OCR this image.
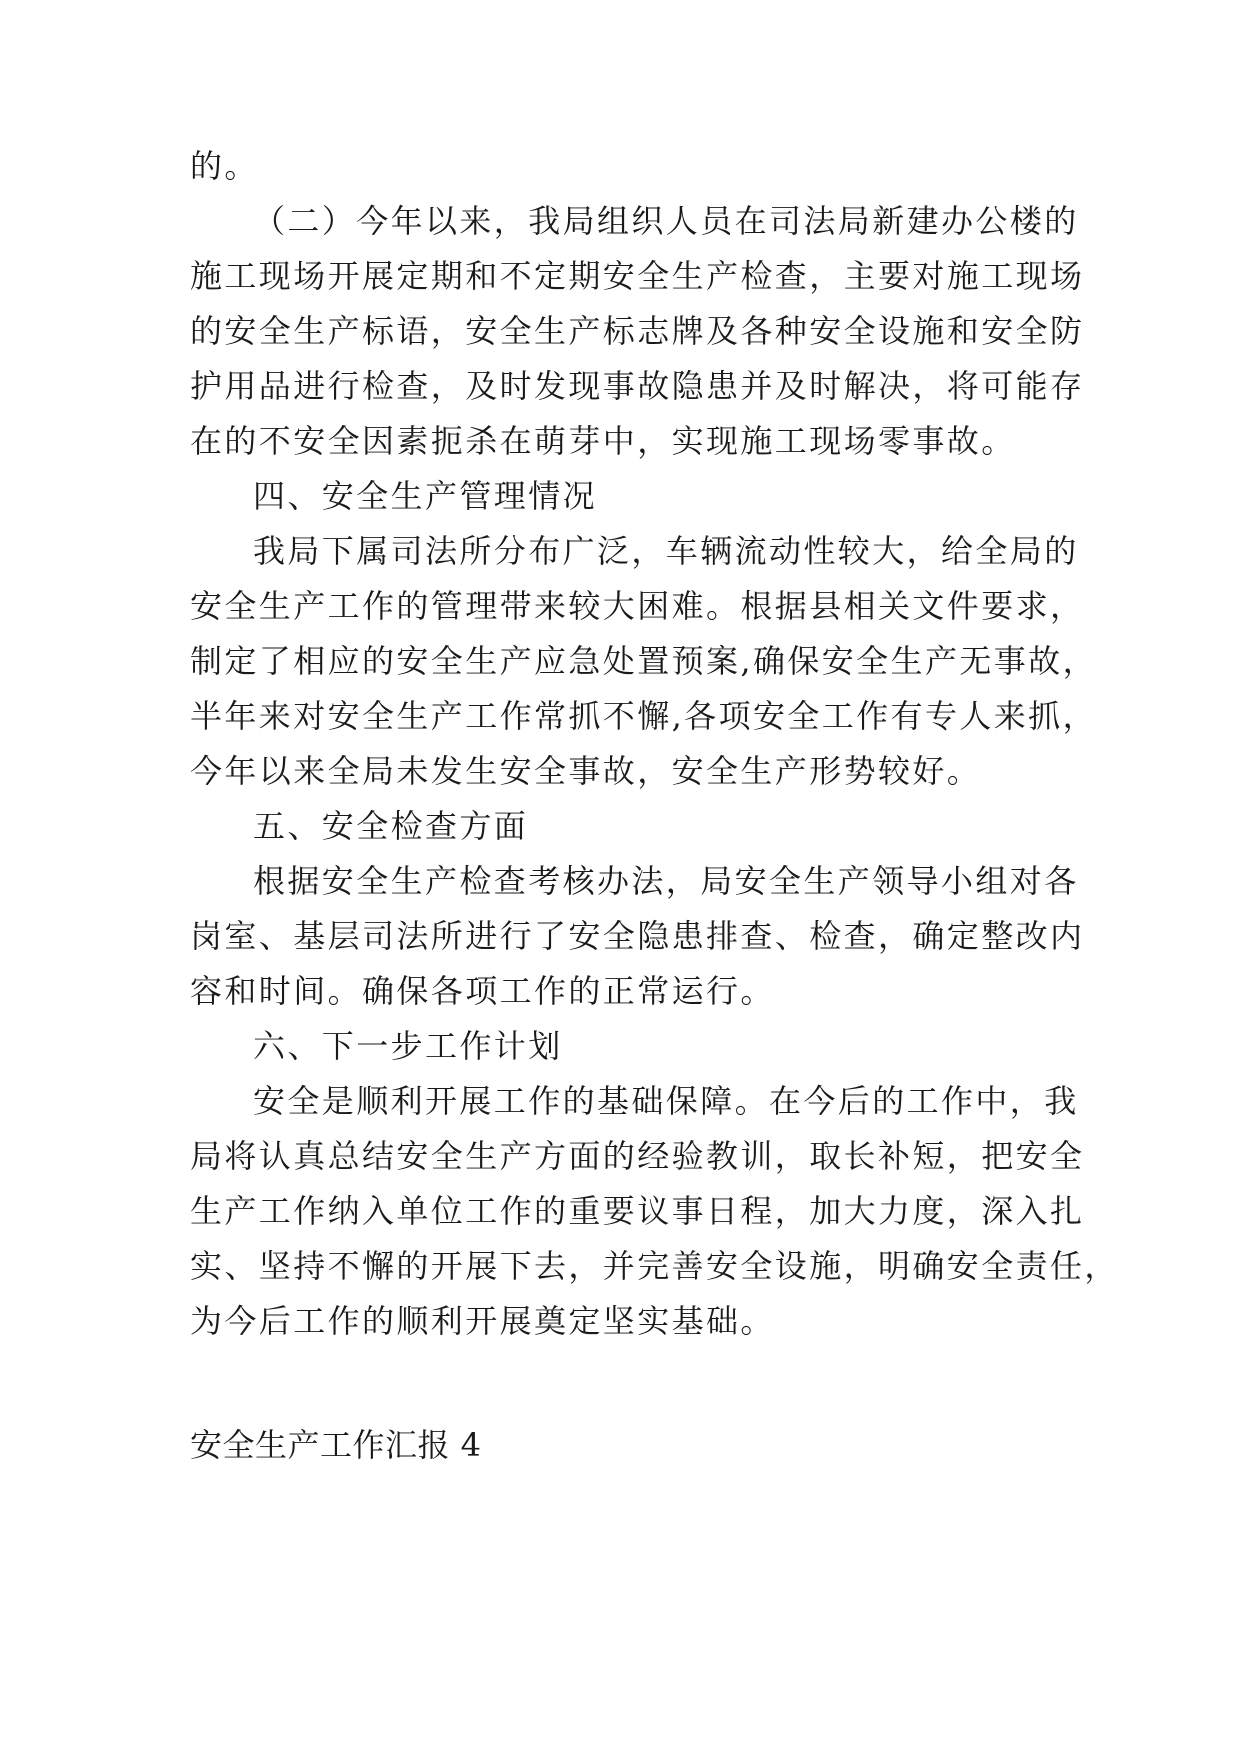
的。
（二）今年以来，我局组织人员在司法局新建办公楼的
施工现场开展定期和不定期安全生产检查，主要对施工现场
的安全生产标语，安全生产标志牌及各种安全设施和安全防
护用品进行检查，及时发现事故隐患并及时解决，将可能存
在的不安全因素扼杀在萌芽中，实现施工现场零事故。
四、安全生产管理情况
我局下属司法所分布广泛，车辆流动性较大，给全局的
安全生产工作的管理带来较大困难。根据县相关文件要求，
制定了相应的安全生产应急处置预案,确保安全生产无事故，
半年来对安全生产工作常抓不懈,各项安全工作有专人来抓，
今年以来全局未发生安全事故，安全生产形势较好。
五、安全检查方面
根据安全生产检查考核办法，局安全生产领导小组对各
岗室、基层司法所进行了安全隐患排查、检查，确定整改内
容和时间。确保各项工作的正常运行。
六、下一步工作计划
安全是顺利开展工作的基础保障。在今后的工作中，我
局将认真总结安全生产方面的经验教训，取长补短，把安全
生产工作纳入单位工作的重要议事日程，加大力度，深入扎
实、坚持不懈的开展下去，并完善安全设施，明确安全责任，
为今后工作的顺利开展奠定坚实基础。
安全生产工作汇报 4
